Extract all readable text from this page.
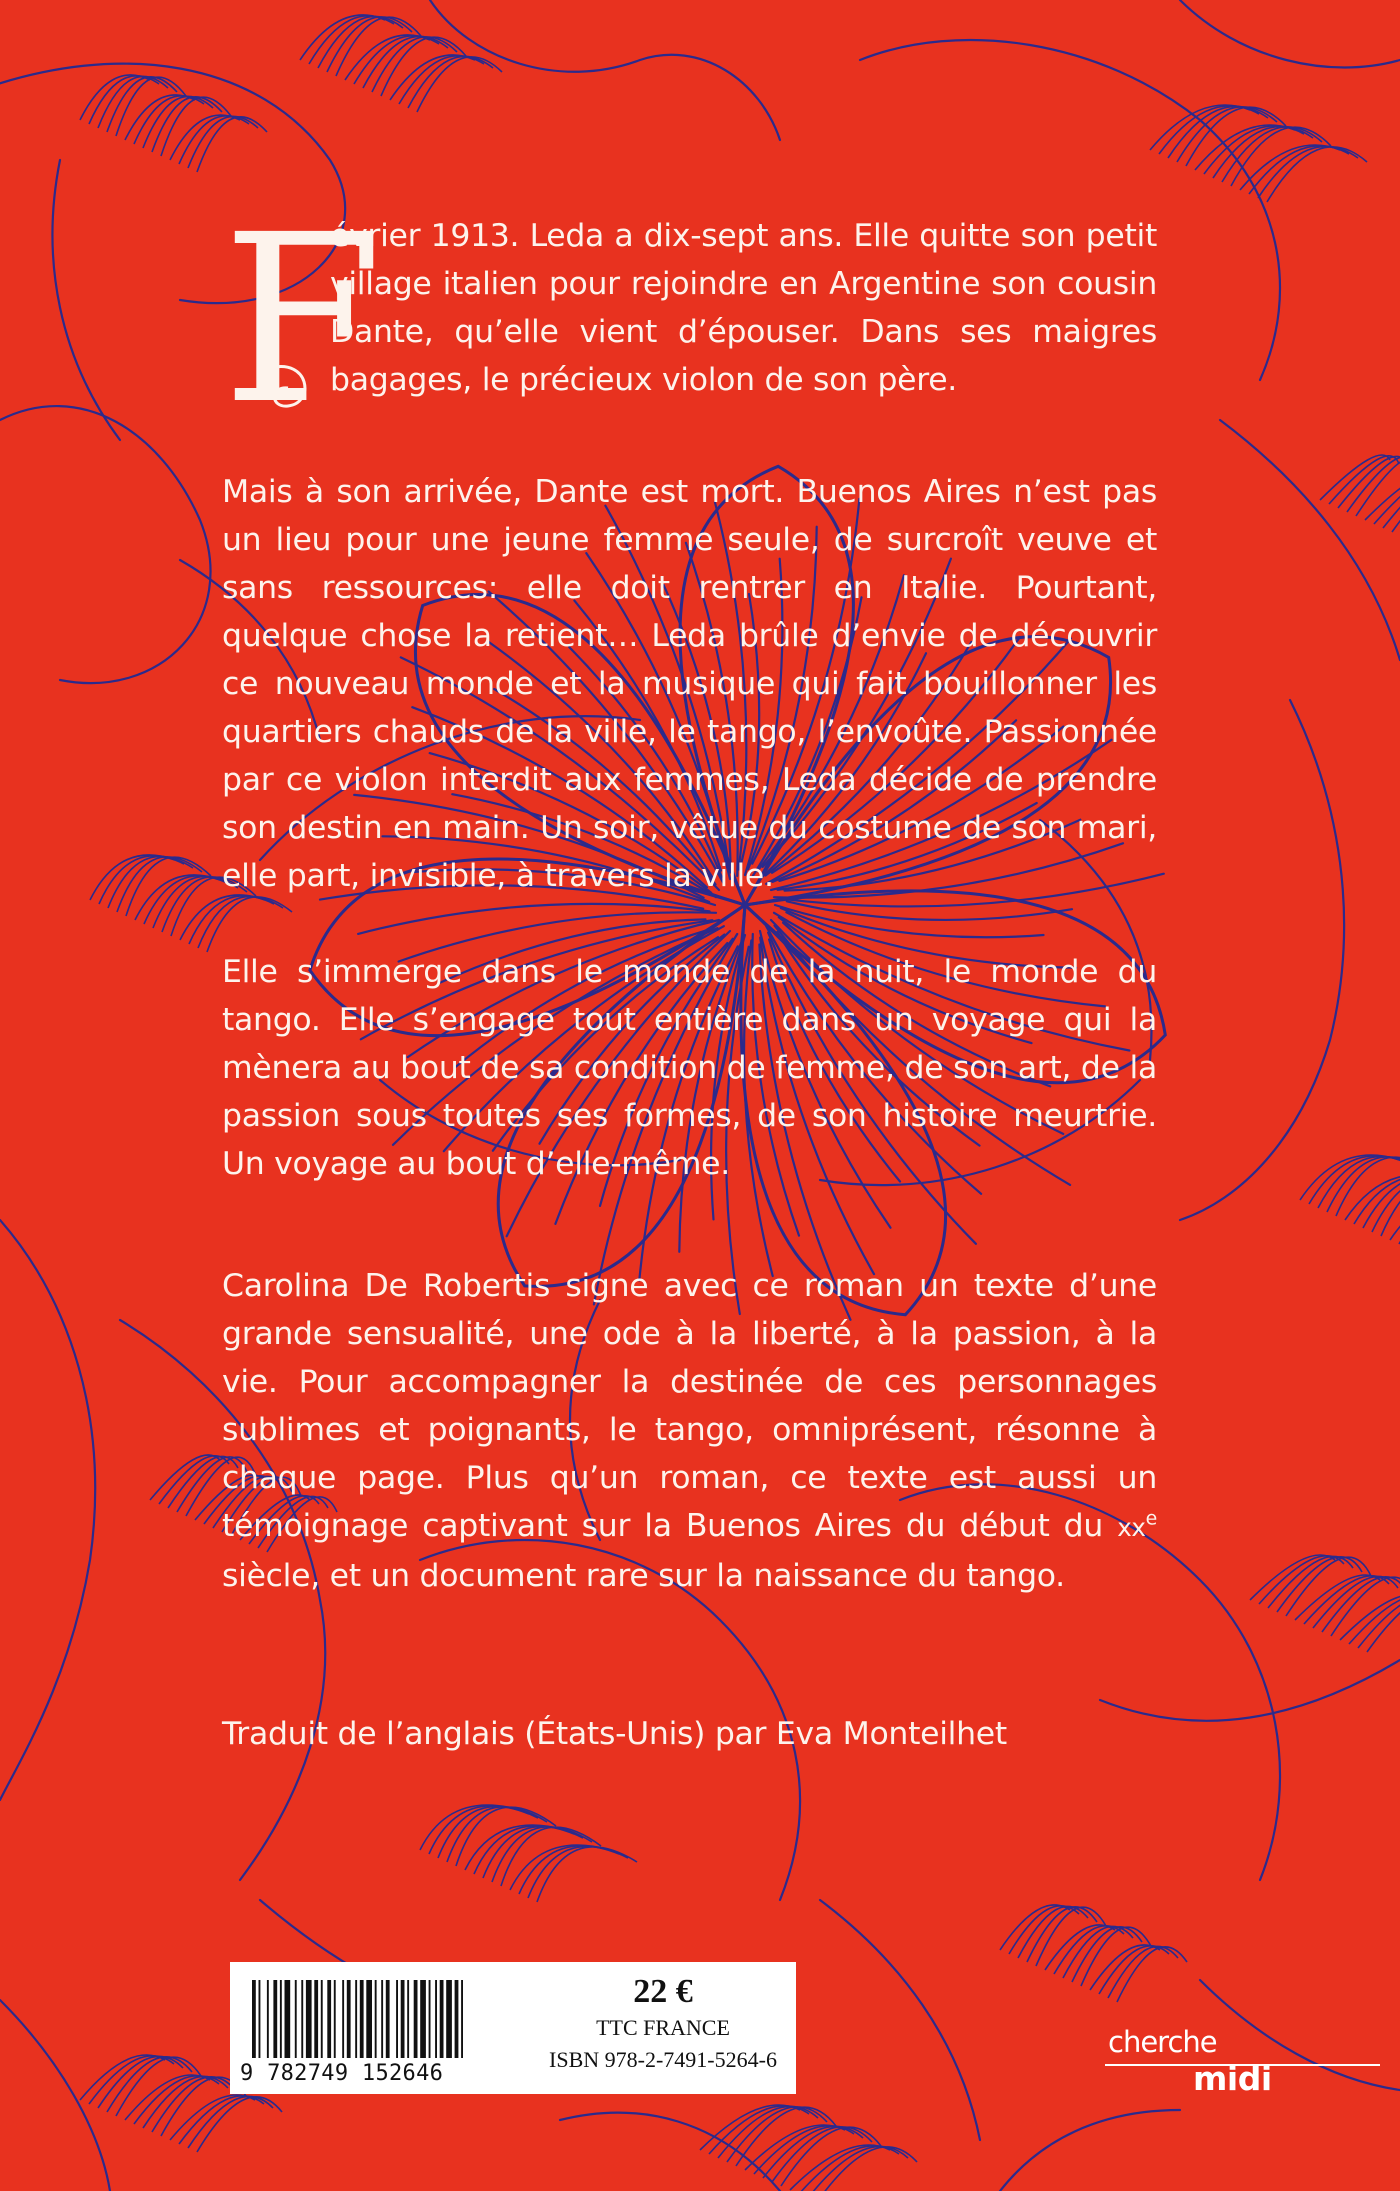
F

évrier 1913. Leda a dix-sept ans. Elle quitte son petit village italien pour rejoindre en Argentine son cousin Dante, qu’elle vient d’épouser. Dans ses maigres bagages, le précieux violon de son père.

Mais à son arrivée, Dante est mort. Buenos Aires n’est pas un lieu pour une jeune femme seule, de surcroît veuve et sans ressources: elle doit rentrer en Italie. Pourtant, quelque chose la retient… Leda brûle d’envie de découvrir ce nouveau monde et la musique qui fait bouillonner les quartiers chauds de la ville, le tango, l’envoûte. Passionnée par ce violon interdit aux femmes, Leda décide de prendre son destin en main. Un soir, vêtue du costume de son mari, elle part, invisible, à travers la ville.

Elle s’immerge dans le monde de la nuit, le monde du tango. Elle s’engage tout entière dans un voyage qui la mènera au bout de sa condition de femme, de son art, de la passion sous toutes ses formes, de son histoire meurtrie. Un voyage au bout d’elle-même.

Carolina De Robertis signe avec ce roman un texte d’une grande sensualité, une ode à la liberté, à la passion, à la vie. Pour accompagner la destinée de ces personnages sublimes et poignants, le tango, omniprésent, résonne à chaque page. Plus qu’un roman, ce texte est aussi un témoignage captivant sur la Buenos Aires du début du $xx^e$ siècle, et un document rare sur la naissance du tango.

Traduit de l’anglais (États-Unis) par Eva Monteilhet

9 782749 152646
22 €
TTC FRANCE
ISBN 978-2-7491-5264-6
cherche
midi
